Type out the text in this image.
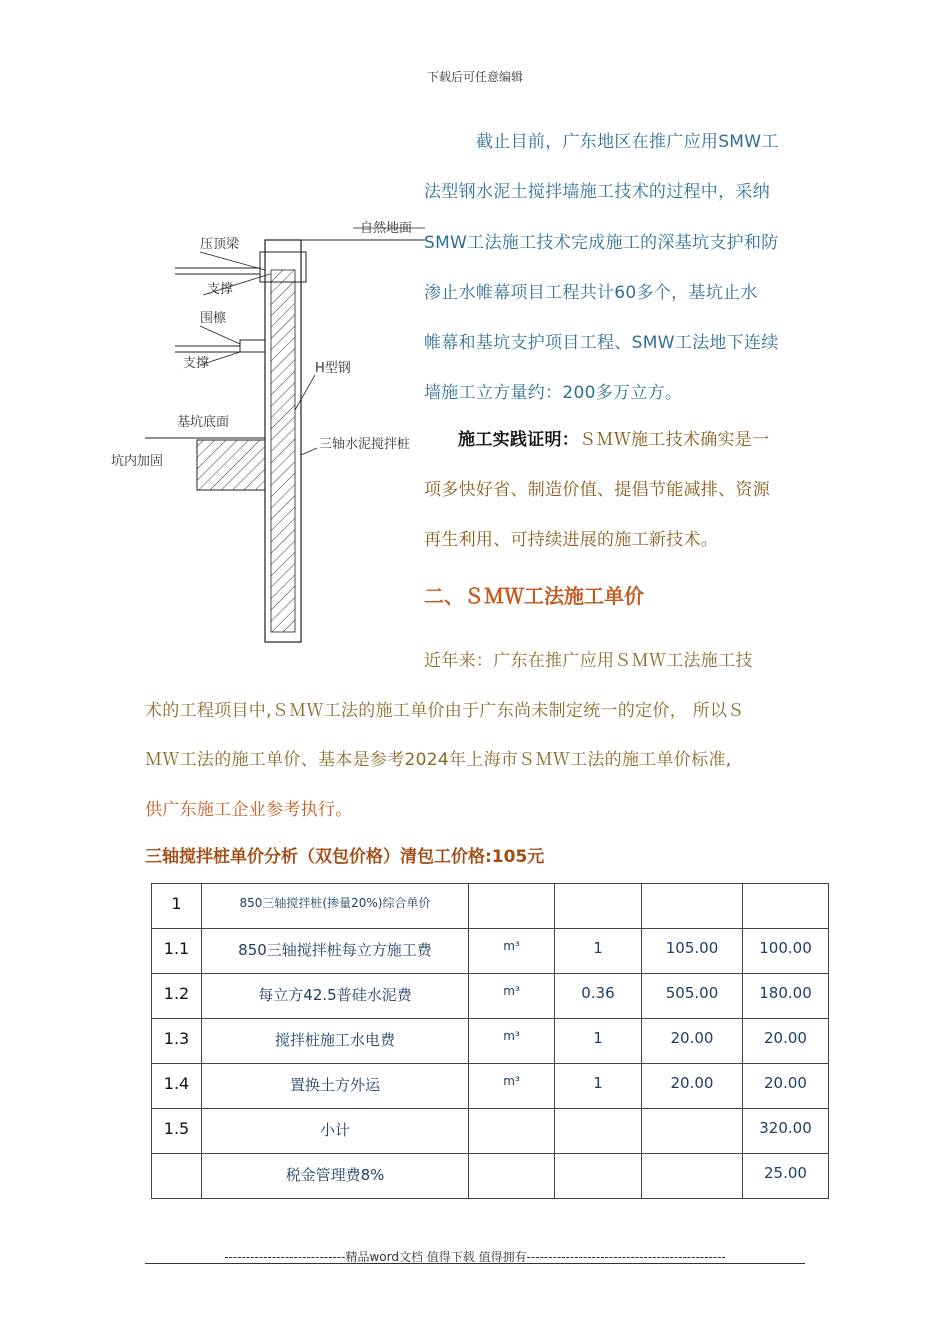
下载后可任意编辑
自然地面
压顶梁
支撑
围檩
支撑	H型钢
基坑底面
坑内加固
三轴水泥搅拌桩
截止目前，广东地区在推广应用SMW工
法型钢水泥土搅拌墙施工技术的过程中，采纳
SMW工法施工技术完成施工的深基坑支护和防
渗止水帷幕项目工程共计60多个，基坑止水
帷幕和基坑支护项目工程、SMW工法地下连续
墙施工立方量约：200多万立方。
施工实践证明：ＳＭＷ施工技术确实是一
项多快好省、制造价值、提倡节能减排、资源
再生利用、可持续进展的施工新技术。
二、ＳＭＷ工法施工单价
近年来：广东在推广应用ＳＭＷ工法施工技
术的工程项目中,ＳＭＷ工法的施工单价由于广东尚未制定统一的定价， 所以Ｓ
ＭＷ工法的施工单价、基本是参考2024年上海市ＳＭＷ工法的施工单价标准,
供广东施工企业参考执行。
三轴搅拌桩单价分析（双包价格）清包工价格:105元
1	850三轴搅拌桩(掺量20%)综合单价				

1.1	850三轴搅拌桩每立方施工费	m³	1	105.00	100.00

1.2	每立方42.5普硅水泥费	m³	0.36	505.00	180.00

1.3	搅拌桩施工水电费	m³	1	20.00	20.00

1.4	置换土方外运	m³	1	20.00	20.00

1.5	小计				320.00

	税金管理费8%				25.00
----------------------------精品word文档 值得下载 值得拥有----------------------------------------------
